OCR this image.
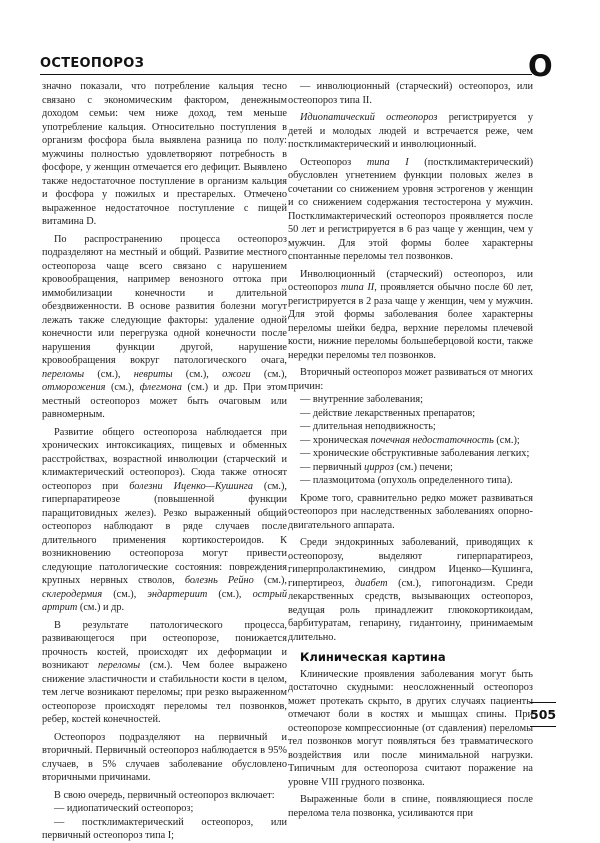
ОСТЕОПОРОЗ	О

значно показали, что потребление кальция тесно связано с экономическим фактором, денежным доходом семьи: чем ниже доход, тем меньше употребление кальция. Относительно поступления в организм фосфора была выявлена разница по полу: мужчины полностью удовлетворяют потребность в фосфоре, у женщин отмечается его дефицит. Выявлено также недостаточное поступление в организм кальция и фосфора у пожилых и престарелых. Отмечено выраженное недостаточное поступление с пищей витамина D.

По распространению процесса остеопороз подразделяют на местный и общий. Развитие местного остеопороза чаще всего связано с нарушением кровообращения, например венозного оттока при иммобилизации конечности и длительной обездвиженности. В основе развития болезни могут лежать также следующие факторы: удаление одной конечности или перегрузка одной конечности после нарушения функции другой, нарушение кровообращения вокруг патологического очага, переломы (см.), невриты (см.), ожоги (см.), отморожения (см.), флегмона (см.) и др. При этом местный остеопороз может быть очаговым или равномерным.

Развитие общего остеопороза наблюдается при хронических интоксикациях, пищевых и обменных расстройствах, возрастной инволюции (старческий и климактерический остеопороз). Сюда также относят остеопороз при болезни Иценко—Кушинга (см.), гиперпаратиреозе (повышенной функции паращитовидных желез). Резко выраженный общий остеопороз наблюдают в ряде случаев после длительного применения кортикостероидов. К возникновению остеопороза могут привести следующие патологические состояния: повреждения крупных нервных стволов, болезнь Рейно (см.), склеродермия (см.), эндартериит (см.), острый артрит (см.) и др.

В результате патологического процесса, развивающегося при остеопорозе, понижается прочность костей, происходят их деформации и возникают переломы (см.). Чем более выражено снижение эластичности и стабильности кости в целом, тем легче возникают переломы; при резко выраженном остеопорозе происходят переломы тел позвонков, ребер, костей конечностей.

Остеопороз подразделяют на первичный и вторичный. Первичный остеопороз наблюдается в 95% случаев, в 5% случаев заболевание обусловлено вторичными причинами.

В свою очередь, первичный остеопороз включает:

— идиопатический остеопороз;

— постклимактерический остеопороз, или первичный остеопороз типа I;

— инволюционный (старческий) остеопороз, или остеопороз типа II.

Идиопатический остеопороз регистрируется у детей и молодых людей и встречается реже, чем постклимактерический и инволюционный.

Остеопороз типа I (постклимактерический) обусловлен угнетением функции половых желез в сочетании со снижением уровня эстрогенов у женщин и со снижением содержания тестостерона у мужчин. Постклимактерический остеопороз проявляется после 50 лет и регистрируется в 6 раз чаще у женщин, чем у мужчин. Для этой формы более характерны спонтанные переломы тел позвонков.

Инволюционный (старческий) остеопороз, или остеопороз типа II, проявляется обычно после 60 лет, регистрируется в 2 раза чаще у женщин, чем у мужчин. Для этой формы заболевания более характерны переломы шейки бедра, верхние переломы плечевой кости, нижние переломы большеберцовой кости, также нередки переломы тел позвонков.

Вторичный остеопороз может развиваться от многих причин:

— внутренние заболевания;

— действие лекарственных препаратов;

— длительная неподвижность;

— хроническая почечная недостаточность (см.);

— хронические обструктивные заболевания легких;

— первичный цирроз (см.) печени;

— плазмоцитома (опухоль определенного типа).

Кроме того, сравнительно редко может развиваться остеопороз при наследственных заболеваниях опорно-двигательного аппарата.

Среди эндокринных заболеваний, приводящих к остеопорозу, выделяют гиперпаратиреоз, гиперпролактинемию, синдром Иценко—Кушинга, гипертиреоз, диабет (см.), гипогонадизм. Среди лекарственных средств, вызывающих остеопороз, ведущая роль принадлежит глюкокортикоидам, барбитуратам, гепарину, гидантоину, принимаемым длительно.

Клиническая картина

Клинические проявления заболевания могут быть достаточно скудными: неосложненный остеопороз может протекать скрыто, в других случаях пациенты отмечают боли в костях и мышцах спины. При остеопорозе компрессионные (от сдавления) переломы тел позвонков могут появляться без травматического воздействия или после минимальной нагрузки. Типичным для остеопороза считают поражение на уровне VIII грудного позвонка.

Выраженные боли в спине, появляющиеся после перелома тела позвонка, усиливаются при

505
